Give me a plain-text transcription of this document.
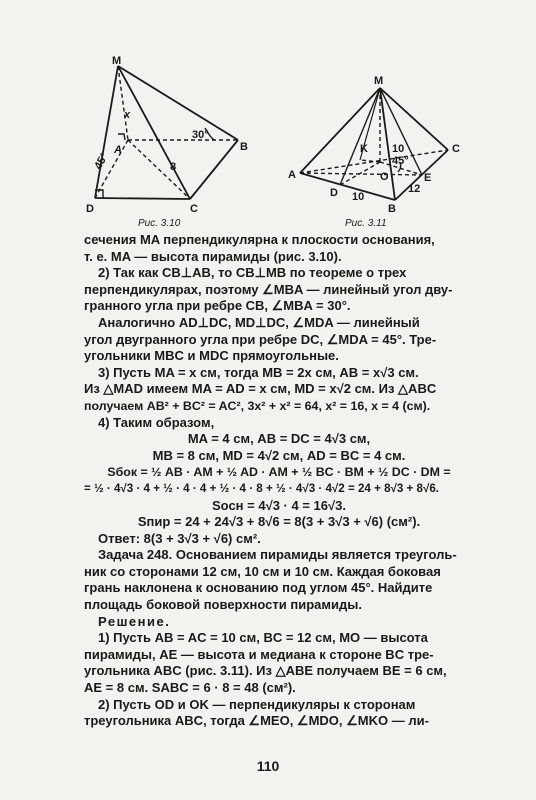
M
A	B
C
D
x
8
30°
45°
Рис. 3.10
M
A
B
C
D
E
K
O
10
10
12
45°
Рис. 3.11

сечения MA перпендикулярна к плоскости основания,

т. е. MA — высота пирамиды (рис. 3.10).

2) Так как CB⊥AB, то CB⊥MB по теореме о трех

перпендикулярах, поэтому ∠MBA — линейный угол дву-

гранного угла при ребре CB, ∠MBA = 30°.

Аналогично AD⊥DC, MD⊥DC, ∠MDA — линейный

угол двугранного угла при ребре DC, ∠MDA = 45°. Тре-

угольники MBC и MDC прямоугольные.

3) Пусть MA = x см, тогда MB = 2x см, AB = x√3 см.

Из △MAD имеем MA = AD = x см, MD = x√2 см. Из △ABC

получаем AB² + BC² = AC², 3x² + x² = 64, x² = 16, x = 4 (см).

4) Таким образом,

MA = 4 см, AB = DC = 4√3 см,

MB = 8 см, MD = 4√2 см, AD = BC = 4 см.

Sбок = ½ AB · AM + ½ AD · AM + ½ BC · BM + ½ DC · DM =

= ½ · 4√3 · 4 + ½ · 4 · 4 + ½ · 4 · 8 + ½ · 4√3 · 4√2 = 24 + 8√3 + 8√6.

Sосн = 4√3 · 4 = 16√3.

Sпир = 24 + 24√3 + 8√6 = 8(3 + 3√3 + √6) (см²).

Ответ: 8(3 + 3√3 + √6) см².

Задача 248. Основанием пирамиды является треуголь-

ник со сторонами 12 см, 10 см и 10 см. Каждая боковая

грань наклонена к основанию под углом 45°. Найдите

площадь боковой поверхности пирамиды.

Решение.

1) Пусть AB = AC = 10 см, BC = 12 см, MO — высота

пирамиды, AE — высота и медиана к стороне BC тре-

угольника ABC (рис. 3.11). Из △ABE получаем BE = 6 см,

AE = 8 см. SABC = 6 · 8 = 48 (см²).

2) Пусть OD и OK — перпендикуляры к сторонам

треугольника ABC, тогда ∠MEO, ∠MDO, ∠MKO — ли-

110
